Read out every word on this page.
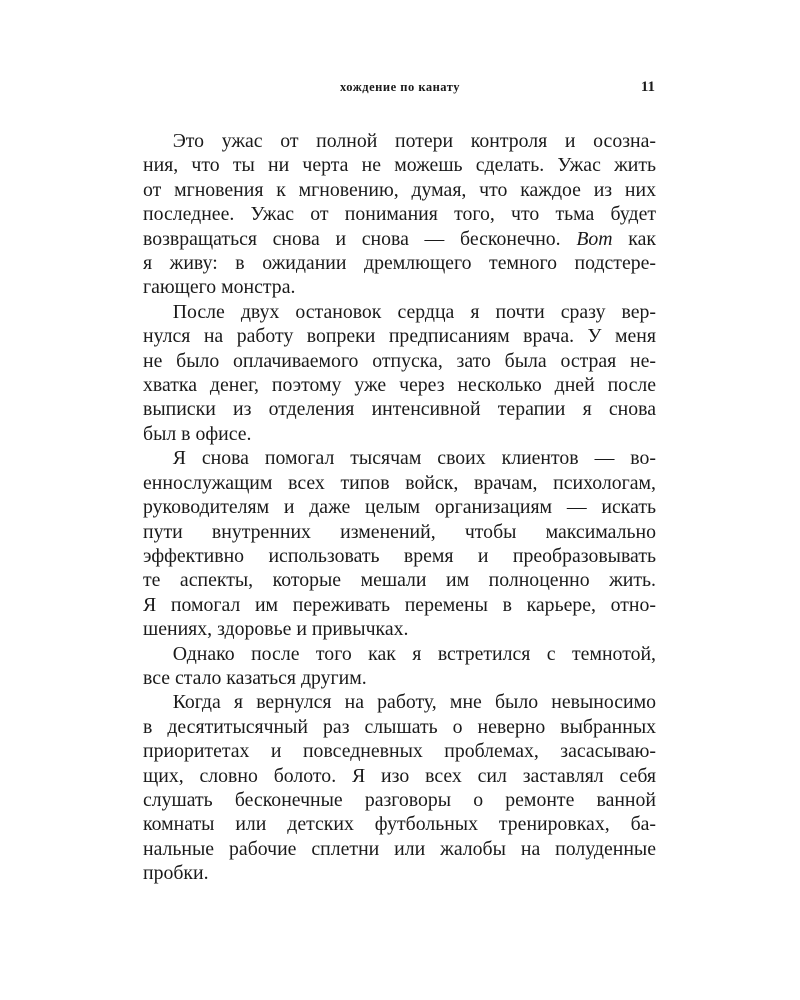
хождение по канату	11

Это ужас от полной потери контроля и осозна-
ния, что ты ни черта не можешь сделать. Ужас жить
от мгновения к мгновению, думая, что каждое из них
последнее. Ужас от понимания того, что тьма будет
возвращаться снова и снова — бесконечно. Вот как
я живу: в ожидании дремлющего темного подстере-
гающего монстра.

После двух остановок сердца я почти сразу вер-
нулся на работу вопреки предписаниям врача. У меня
не было оплачиваемого отпуска, зато была острая не-
хватка денег, поэтому уже через несколько дней после
выписки из отделения интенсивной терапии я снова
был в офисе.

Я снова помогал тысячам своих клиентов — во-
еннослужащим всех типов войск, врачам, психологам,
руководителям и даже целым организациям — искать
пути внутренних изменений, чтобы максимально
эффективно использовать время и преобразовывать
те аспекты, которые мешали им полноценно жить.
Я помогал им переживать перемены в карьере, отно-
шениях, здоровье и привычках.

Однако после того как я встретился с темнотой,
все стало казаться другим.

Когда я вернулся на работу, мне было невыносимо
в десятитысячный раз слышать о неверно выбранных
приоритетах и повседневных проблемах, засасываю-
щих, словно болото. Я изо всех сил заставлял себя
слушать бесконечные разговоры о ремонте ванной
комнаты или детских футбольных тренировках, ба-
нальные рабочие сплетни или жалобы на полуденные
пробки.
